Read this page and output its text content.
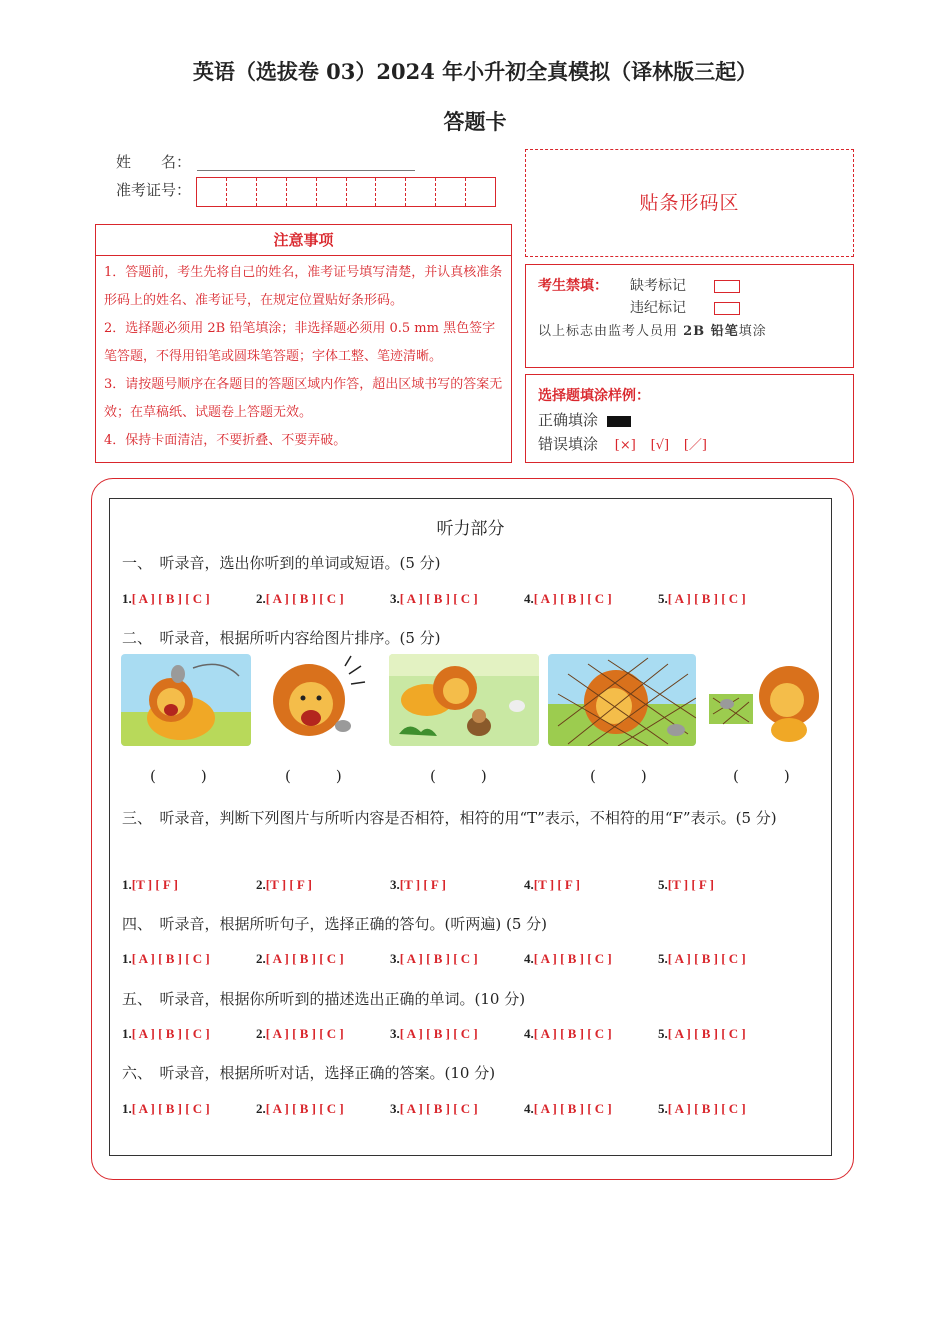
英语（选拔卷 03）2024 年小升初全真模拟（译林版三起）
答题卡
姓　　名：
准考证号：
贴条形码区
注意事项

1．答题前，考生先将自己的姓名，准考证号填写清楚，并认真核准条形码上的姓名、准考证号，在规定位置贴好条形码。

2．选择题必须用 2B 铅笔填涂；非选择题必须用 0.5 mm 黑色签字笔答题，不得用铅笔或圆珠笔答题；字体工整、笔迹清晰。

3．请按题号顺序在各题目的答题区域内作答，超出区域书写的答案无效；在草稿纸、试题卷上答题无效。

4．保持卡面清洁，不要折叠、不要弄破。

考生禁填： 缺考标记
违纪标记
以上标志由监考人员用 2B 铅笔填涂
选择题填涂样例：
正确填涂
错误填涂 [×] [√] [／]
听力部分
一、　听录音，选出你听到的单词或短语。(5 分)
1.[ A ] [ B ] [ C ]	2.[ A ] [ B ] [ C ]	3.[ A ] [ B ] [ C ]	4.[ A ] [ B ] [ C ]	5.[ A ] [ B ] [ C ]
二、　听录音，根据所听内容给图片排序。(5 分)
(　　　)	(　　　)	(　　　)	(　　　)	(　　　)
三、　听录音，判断下列图片与所听内容是否相符，相符的用“T”表示，不相符的用“F”表示。(5 分)
1.[T ] [ F ]	2.[T ] [ F ]	3.[T ] [ F ]	4.[T ] [ F ]	5.[T ] [ F ]
四、　听录音，根据所听句子，选择正确的答句。(听两遍) (5 分)
1.[ A ] [ B ] [ C ]	2.[ A ] [ B ] [ C ]	3.[ A ] [ B ] [ C ]	4.[ A ] [ B ] [ C ]	5.[ A ] [ B ] [ C ]
五、　听录音，根据你所听到的描述选出正确的单词。(10 分)
1.[ A ] [ B ] [ C ]	2.[ A ] [ B ] [ C ]	3.[ A ] [ B ] [ C ]	4.[ A ] [ B ] [ C ]	5.[ A ] [ B ] [ C ]
六、　听录音，根据所听对话，选择正确的答案。(10 分)
1.[ A ] [ B ] [ C ]	2.[ A ] [ B ] [ C ]	3.[ A ] [ B ] [ C ]	4.[ A ] [ B ] [ C ]	5.[ A ] [ B ] [ C ]
